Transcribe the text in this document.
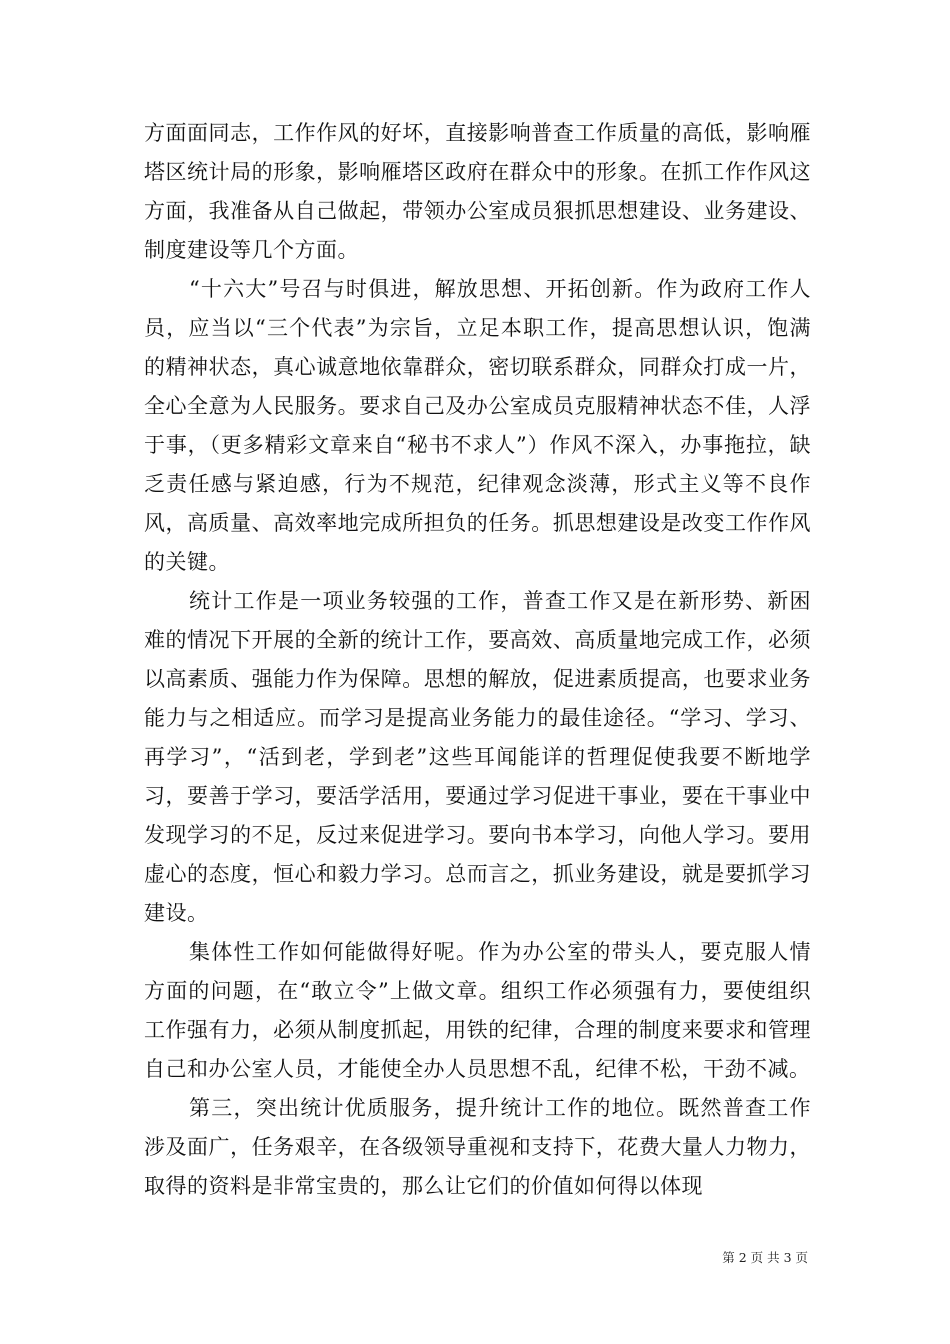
方面面同志，工作作风的好坏，直接影响普查工作质量的高低，影响雁塔区统计局的形象，影响雁塔区政府在群众中的形象。在抓工作作风这方面，我准备从自己做起，带领办公室成员狠抓思想建设、业务建设、制度建设等几个方面。

“十六大”号召与时俱进，解放思想、开拓创新。作为政府工作人员，应当以“三个代表”为宗旨，立足本职工作，提高思想认识，饱满的精神状态，真心诚意地依靠群众，密切联系群众，同群众打成一片，全心全意为人民服务。要求自己及办公室成员克服精神状态不佳，人浮于事，（更多精彩文章来自“秘书不求人”）作风不深入，办事拖拉，缺乏责任感与紧迫感，行为不规范，纪律观念淡薄，形式主义等不良作风，高质量、高效率地完成所担负的任务。抓思想建设是改变工作作风的关键。

统计工作是一项业务较强的工作，普查工作又是在新形势、新困难的情况下开展的全新的统计工作，要高效、高质量地完成工作，必须以高素质、强能力作为保障。思想的解放，促进素质提高，也要求业务能力与之相适应。而学习是提高业务能力的最佳途径。“学习、学习、再学习”，“活到老，学到老”这些耳闻能详的哲理促使我要不断地学习，要善于学习，要活学活用，要通过学习促进干事业，要在干事业中发现学习的不足，反过来促进学习。要向书本学习，向他人学习。要用虚心的态度，恒心和毅力学习。总而言之，抓业务建设，就是要抓学习建设。

集体性工作如何能做得好呢。作为办公室的带头人，要克服人情方面的问题，在“敢立令”上做文章。组织工作必须强有力，要使组织工作强有力，必须从制度抓起，用铁的纪律，合理的制度来要求和管理自己和办公室人员，才能使全办人员思想不乱，纪律不松，干劲不减。

第三，突出统计优质服务，提升统计工作的地位。既然普查工作涉及面广，任务艰辛，在各级领导重视和支持下，花费大量人力物力，取得的资料是非常宝贵的，那么让它们的价值如何得以体现

第 2 页 共 3 页
